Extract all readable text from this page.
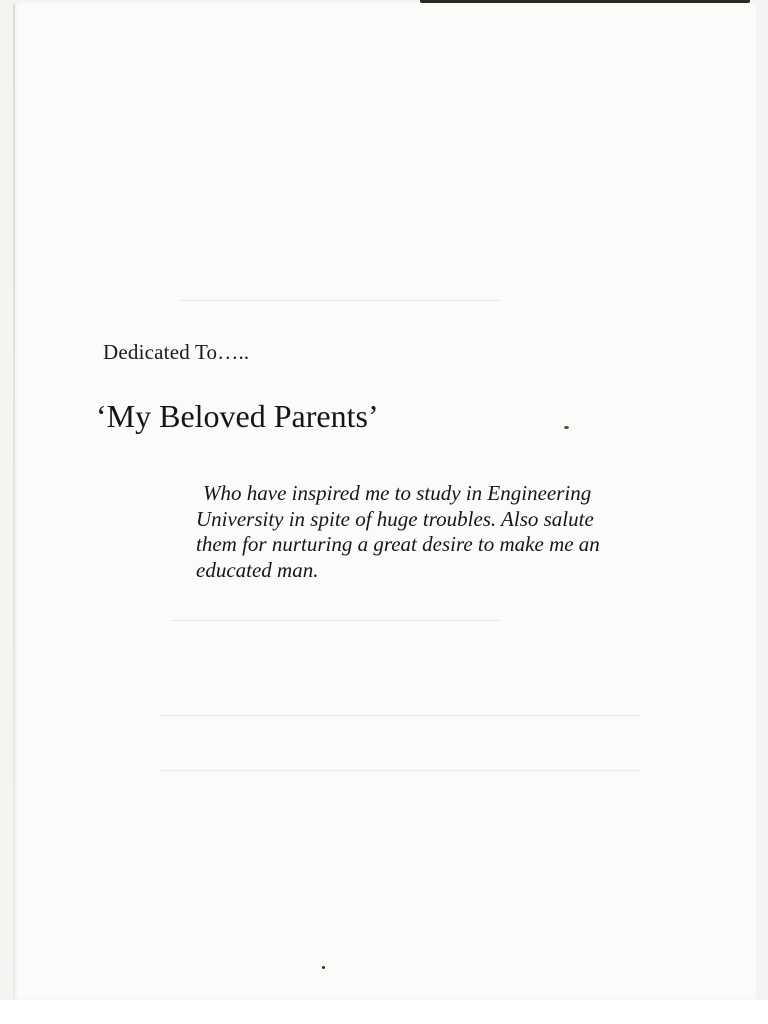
Dedicated To…..
‘My Beloved Parents’
Who have inspired me to study in Engineering
University in spite of huge troubles. Also salute
them for nurturing a great desire to make me an
educated man.
